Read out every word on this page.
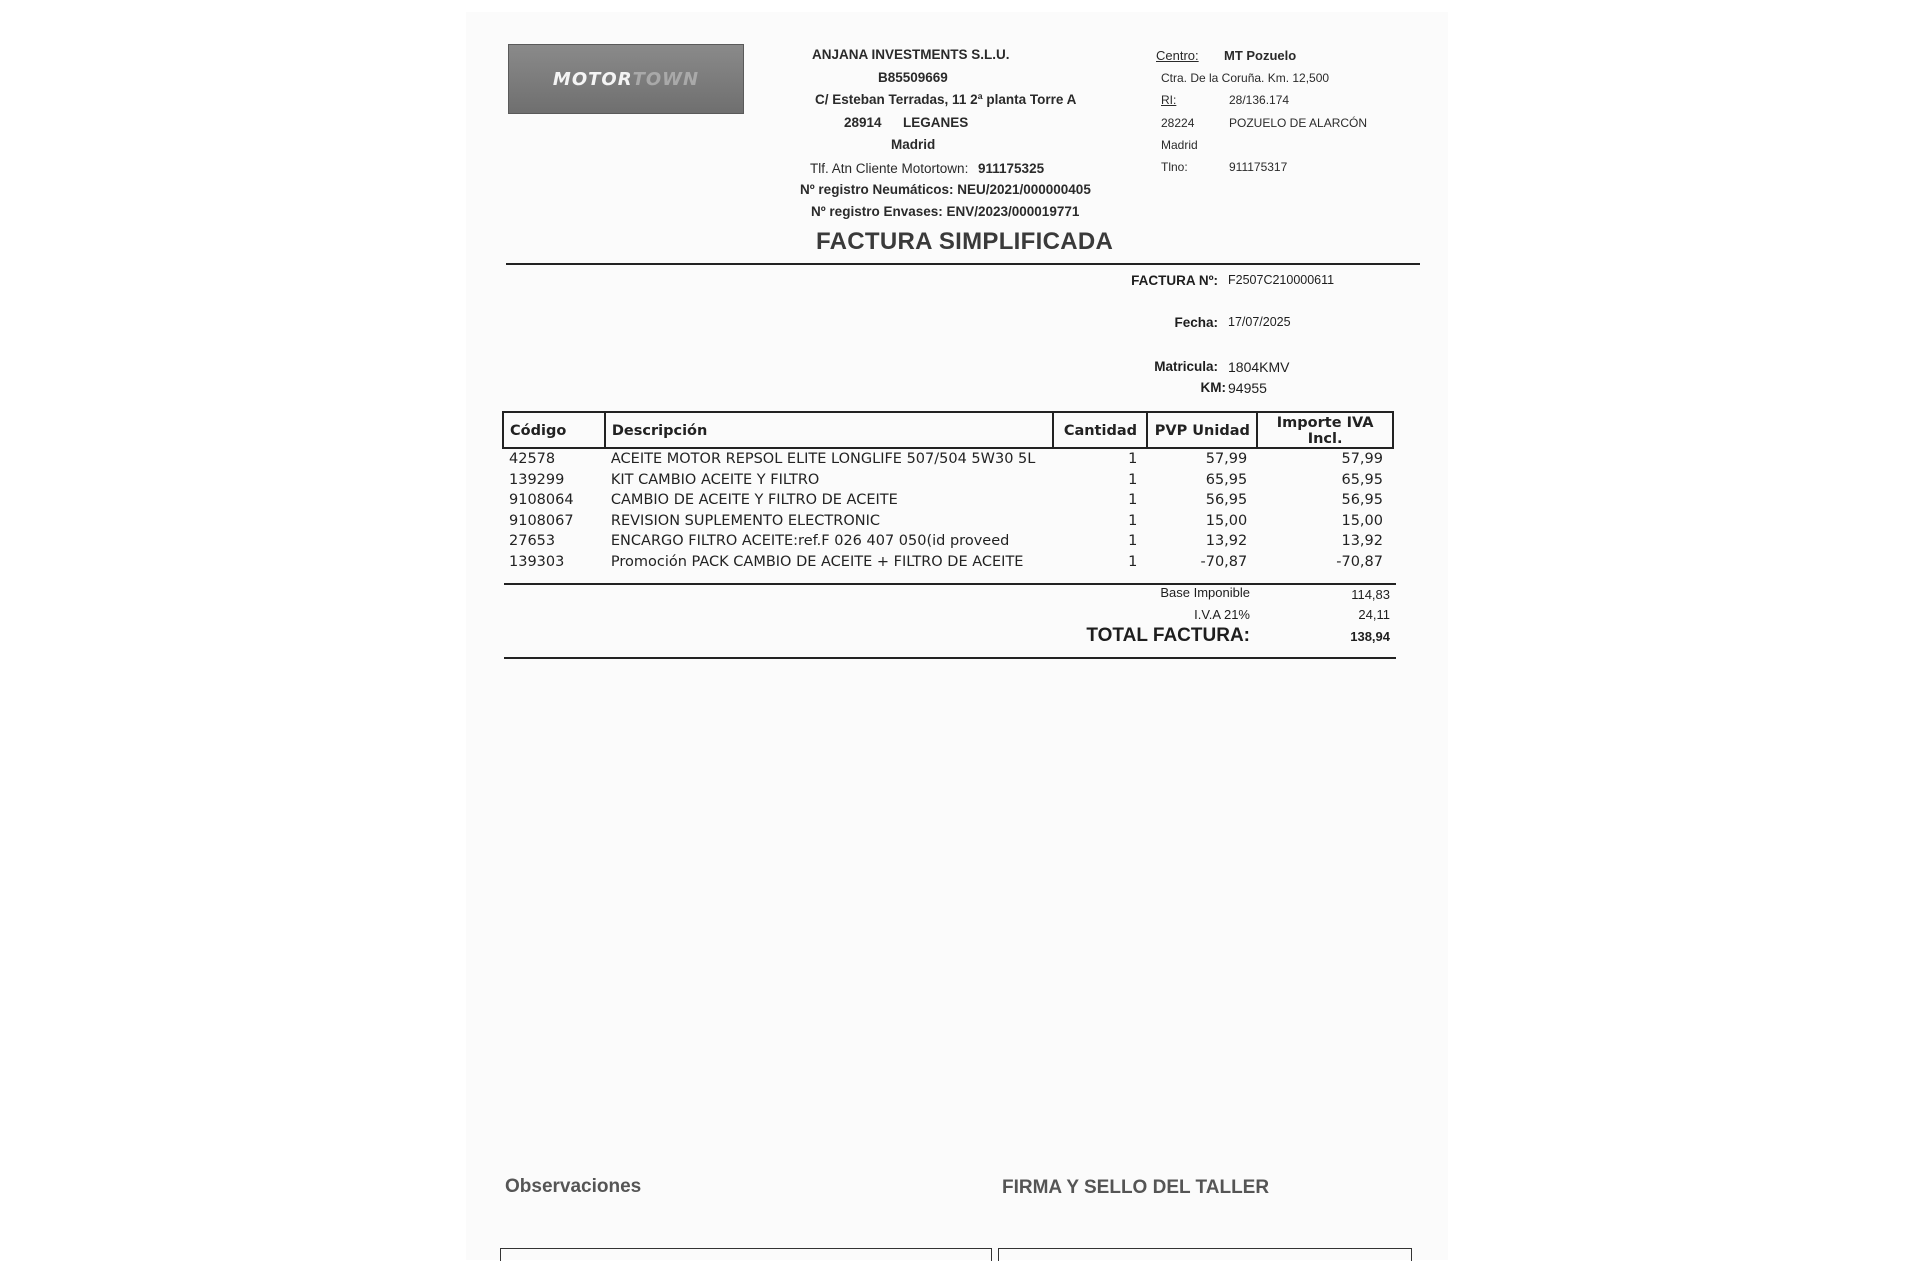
MOTOR TOWN
ANJANA INVESTMENTS S.L.U.
B85509669
C/ Esteban Terradas, 11 2ª planta Torre A
28914 LEGANES
Madrid
Tlf. Atn Cliente Motortown: 911175325
Nº registro Neumáticos: NEU/2021/000000405
Nº registro Envases: ENV/2023/000019771
Centro: MT Pozuelo
Ctra. De la Coruña. Km. 12,500
RI:	28/136.174
28224	POZUELO DE ALARCÓN
Madrid
Tlno:	911175317
FACTURA SIMPLIFICADA
FACTURA Nº: F2507C210000611
Fecha: 17/07/2025
Matricula: 1804KMV
KM: 94955
Código	Descripción	Cantidad	PVP Unidad	Importe IVA Incl.
42578	ACEITE MOTOR REPSOL ELITE LONGLIFE 507/504 5W30 5L	1	57,99	57,99
139299	KIT CAMBIO ACEITE Y FILTRO	1	65,95	65,95
9108064	CAMBIO DE ACEITE Y FILTRO DE ACEITE	1	56,95	56,95
9108067	REVISION SUPLEMENTO ELECTRONIC	1	15,00	15,00
27653	ENCARGO FILTRO ACEITE:ref.F 026 407 050(id proveed	1	13,92	13,92
139303	Promoción PACK CAMBIO DE ACEITE + FILTRO DE ACEITE	1	-70,87	-70,87
Base Imponible	114,83
I.V.A 21%	24,11
TOTAL FACTURA:	138,94
Observaciones	FIRMA Y SELLO DEL TALLER
